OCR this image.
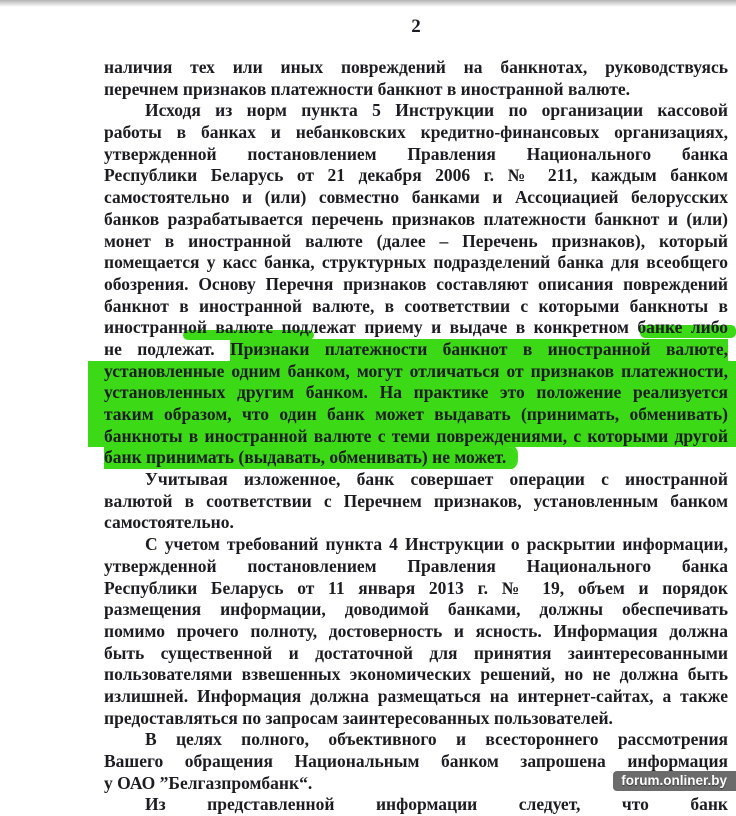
2
наличия тех или иных повреждений на банкнотах, руководствуясь
перечнем признаков платежности банкнот в иностранной валюте.
Исходя из норм пункта 5 Инструкции по организации кассовой
работы в банках и небанковских кредитно-финансовых организациях,
утвержденной постановлением Правления Национального банка
Республики Беларусь от 21 декабря 2006 г. № 211, каждым банком
самостоятельно и (или) совместно банками и Ассоциацией белорусских
банков разрабатывается перечень признаков платежности банкнот и (или)
монет в иностранной валюте (далее – Перечень признаков), который
помещается у касс банка, структурных подразделений банка для всеобщего
обозрения. Основу Перечня признаков составляют описания повреждений
банкнот в иностранной валюте, в соответствии с которыми банкноты в
иностранной валюте подлежат приему и выдаче в конкретном банке либо
не подлежат. Признаки платежности банкнот в иностранной валюте,
установленные одним банком, могут отличаться от признаков платежности,
установленных другим банком. На практике это положение реализуется
таким образом, что один банк может выдавать (принимать, обменивать)
банкноты в иностранной валюте с теми повреждениями, с которыми другой
банк принимать (выдавать, обменивать) не может.
Учитывая изложенное, банк совершает операции с иностранной
валютой в соответствии с Перечнем признаков, установленным банком
самостоятельно.
С учетом требований пункта 4 Инструкции о раскрытии информации,
утвержденной постановлением Правления Национального банка
Республики Беларусь от 11 января 2013 г. № 19, объем и порядок
размещения информации, доводимой банками, должны обеспечивать
помимо прочего полноту, достоверность и ясность. Информация должна
быть существенной и достаточной для принятия заинтересованными
пользователями взвешенных экономических решений, но не должна быть
излишней. Информация должна размещаться на интернет-сайтах, а также
предоставляться по запросам заинтересованных пользователей.
В целях полного, объективного и всестороннего рассмотрения
Вашего обращения Национальным банком запрошена информация
у ОАО ”Белгазпромбанк“.
Из представленной информации следует, что банк
forum.onliner.by
